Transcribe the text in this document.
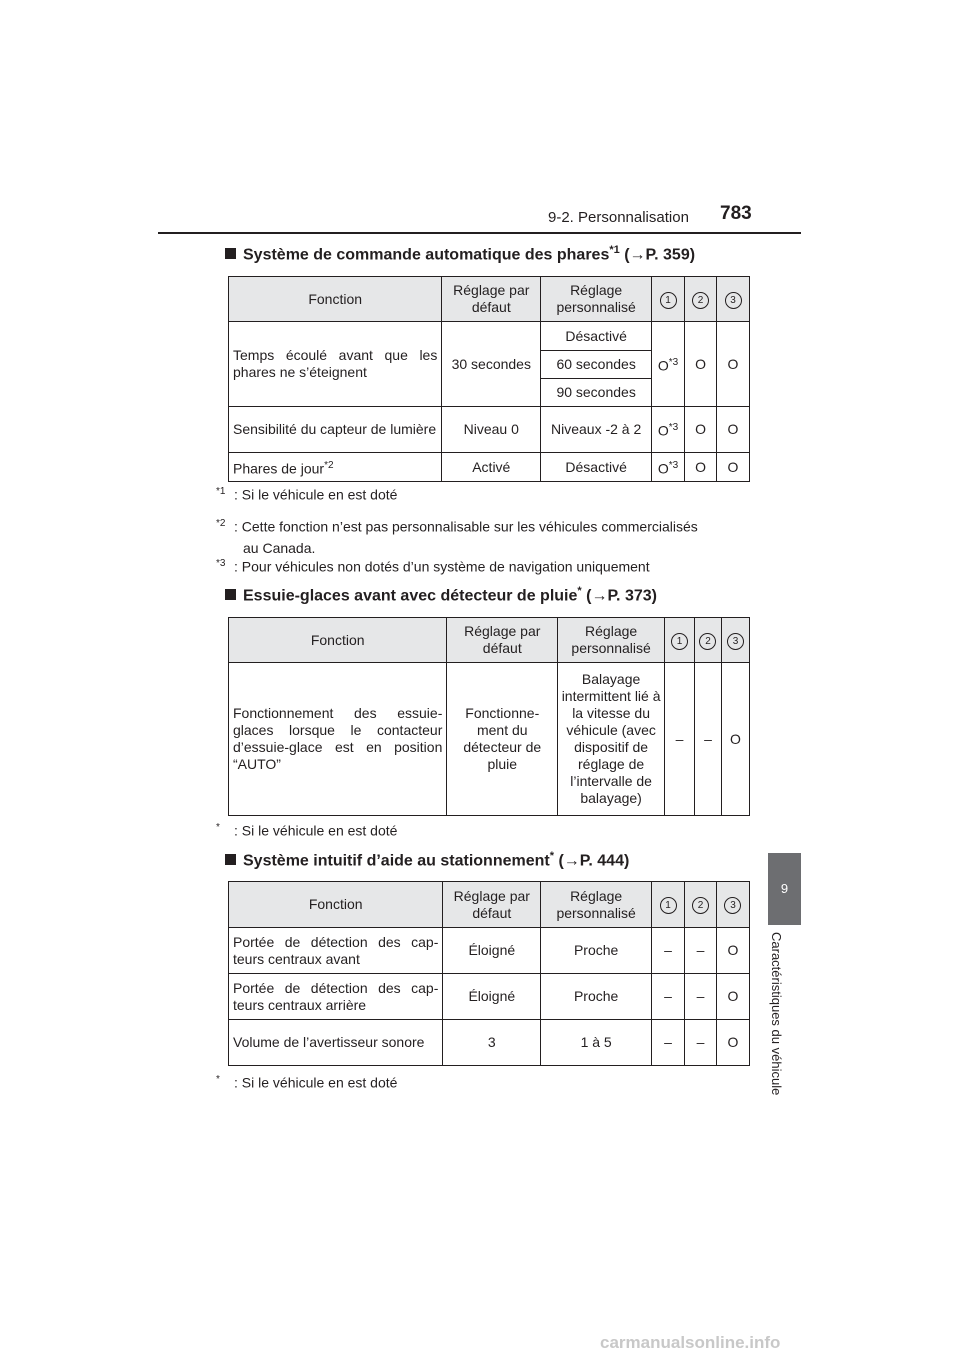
9-2. Personnalisation 783
9
Caractéristiques du véhicule
Système de commande automatique des phares$^{*1}$ (→P. 359)
Fonction	Réglage par défaut	Réglage personnalisé	1	2	3
Temps écoulé avant que les phares ne s’éteignent	30 secondes	Désactivé	$O^{*3}$	O	O
		60 secondes			
		90 secondes			
Sensibilité du capteur de lumière	Niveau 0	Niveaux -2 à 2	$O^{*3}$	O	O
Phares de jour$^{*2}$	Activé	Désactivé	$O^{*3}$	O	O
$^{*1}$ : Si le véhicule en est doté
$^{*2}$ : Cette fonction n’est pas personnalisable sur les véhicules commercialisés
au Canada.
$^{*3}$ : Pour véhicules non dotés d’un système de navigation uniquement
Essuie-glaces avant avec détecteur de pluie* (→P. 373)
Fonction	Réglage par défaut	Réglage personnalisé	1	2	3
Fonctionnement des essuie-glaces lorsque le contacteur d’essuie-glace est en position “AUTO”	Fonctionne-ment du détecteur de pluie	Balayage intermittent lié à la vitesse du véhicule (avec dispositif de réglage de l’intervalle de balayage)	–	–	O
* : Si le véhicule en est doté
Système intuitif d’aide au stationnement* (→P. 444)
Fonction	Réglage par défaut	Réglage personnalisé	1	2	3
Portée de détection des cap-teurs centraux avant	Éloigné	Proche	–	–	O
Portée de détection des cap-teurs centraux arrière	Éloigné	Proche	–	–	O
Volume de l’avertisseur sonore	3	1 à 5	–	–	O
* : Si le véhicule en est doté
carmanualsonline.info
